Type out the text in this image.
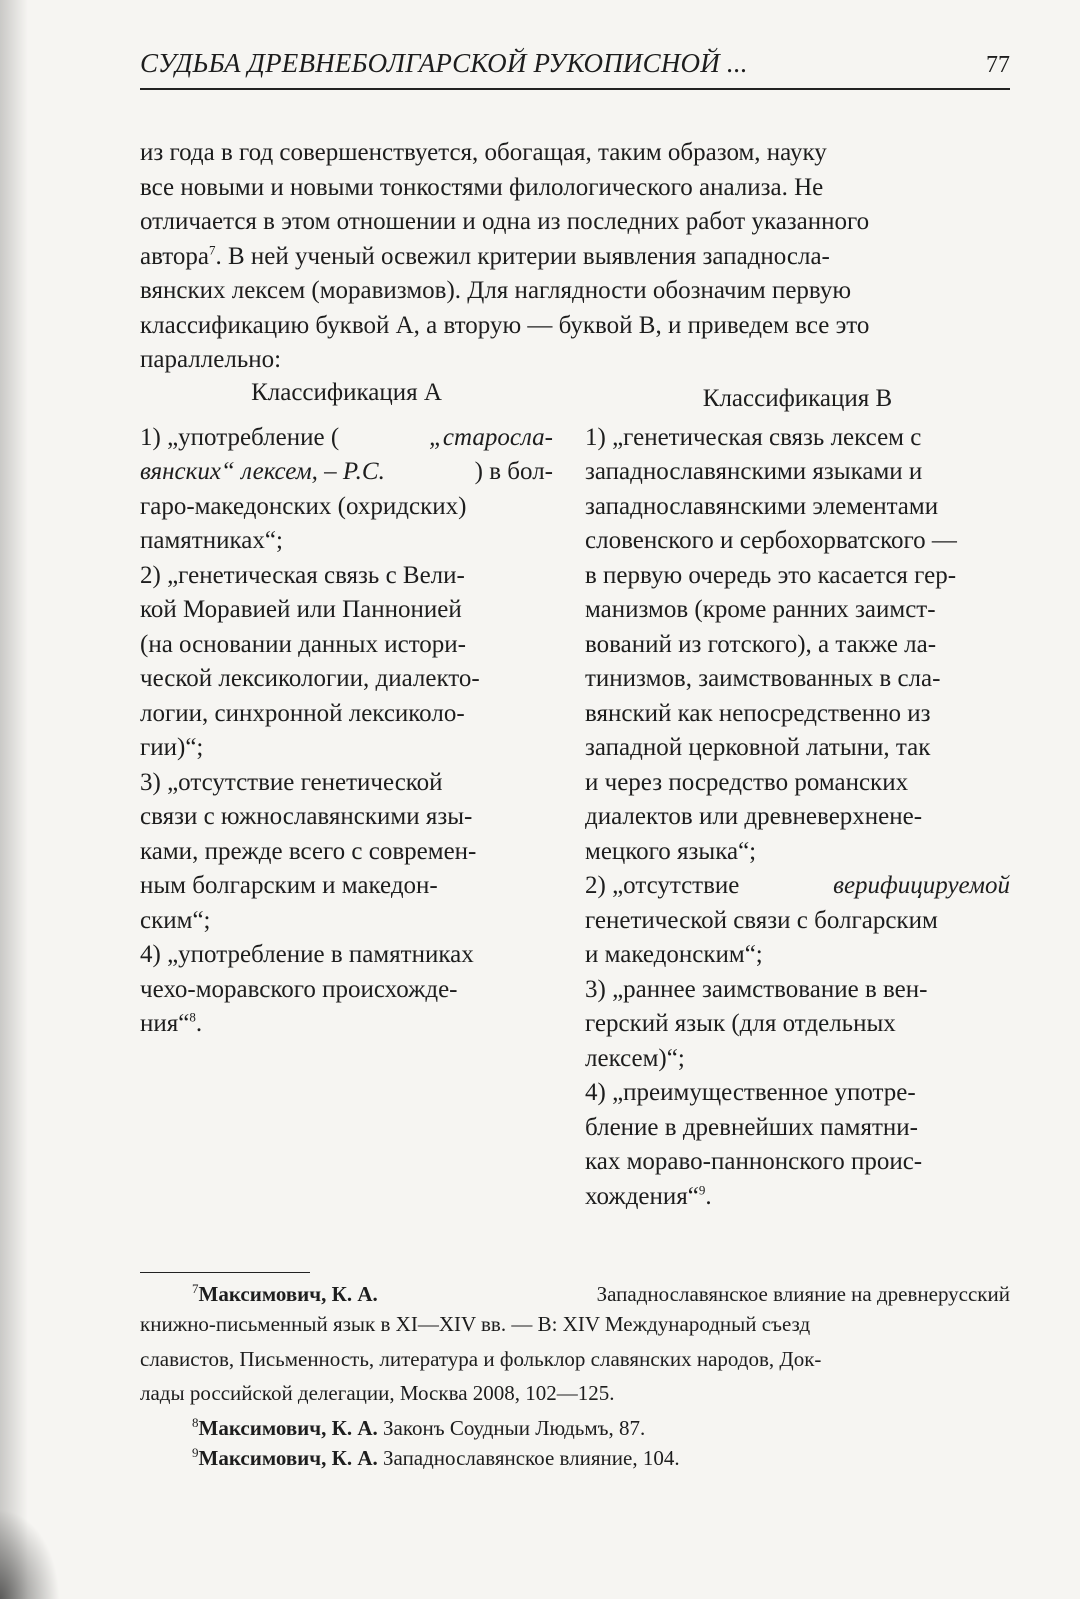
СУДЬБА ДРЕВНЕБОЛГАРСКОЙ РУКОПИСНОЙ ...	77
из года в год совершенствуется, обогащая, таким образом, науку
все новыми и новыми тонкостями филологического анализа. Не
отличается в этом отношении и одна из последних работ указанного
автора$^7$. В ней ученый освежил критерии выявления западносла-
вянских лексем (моравизмов). Для наглядности обозначим первую
классификацию буквой А, а вторую — буквой В, и приведем все это
параллельно:
Классификация А
1) „употребление (	„старосла-
вянских“ лексем, – Р.С.	) в бол-
гаро-македонских (охридских)
памятниках“;
2) „генетическая связь с Вели-
кой Моравией или Паннонией
(на основании данных истори-
ческой лексикологии, диалекто-
логии, синхронной лексиколо-
гии)“;
3) „отсутствие генетической
связи с южнославянскими язы-
ками, прежде всего с современ-
ным болгарским и македон-
ским“;
4) „употребление в памятниках
чехо-моравского происхожде-
ния“$^8$.
Классификация В
1) „генетическая связь лексем с
западнославянскими языками и
западнославянскими элементами
словенского и сербохорватского —
в первую очередь это касается гер-
манизмов (кроме ранних заимст-
вований из готского), а также ла-
тинизмов, заимствованных в сла-
вянский как непосредственно из
западной церковной латыни, так
и через посредство романских
диалектов или древневерхнене-
мецкого языка“;
2) „отсутствие	верифицируемой
генетической связи с болгарским
и македонским“;
3) „раннее заимствование в вен-
герский язык (для отдельных
лексем)“;
4) „преимущественное употре-
бление в древнейших памятни-
ках мораво-паннонского проис-
хождения“$^9$.
$^7$Максимович, К. А.	Западнославянское влияние на древнерусский
книжно-письменный язык в XI—XIV вв. — В: XIV Международный съезд
славистов, Письменность, литература и фольклор славянских народов, Док-
лады российской делегации, Москва 2008, 102—125.
$^8$Максимович, К. А. Законъ Соудныи Людьмъ, 87.
$^9$Максимович, К. А. Западнославянское влияние, 104.
